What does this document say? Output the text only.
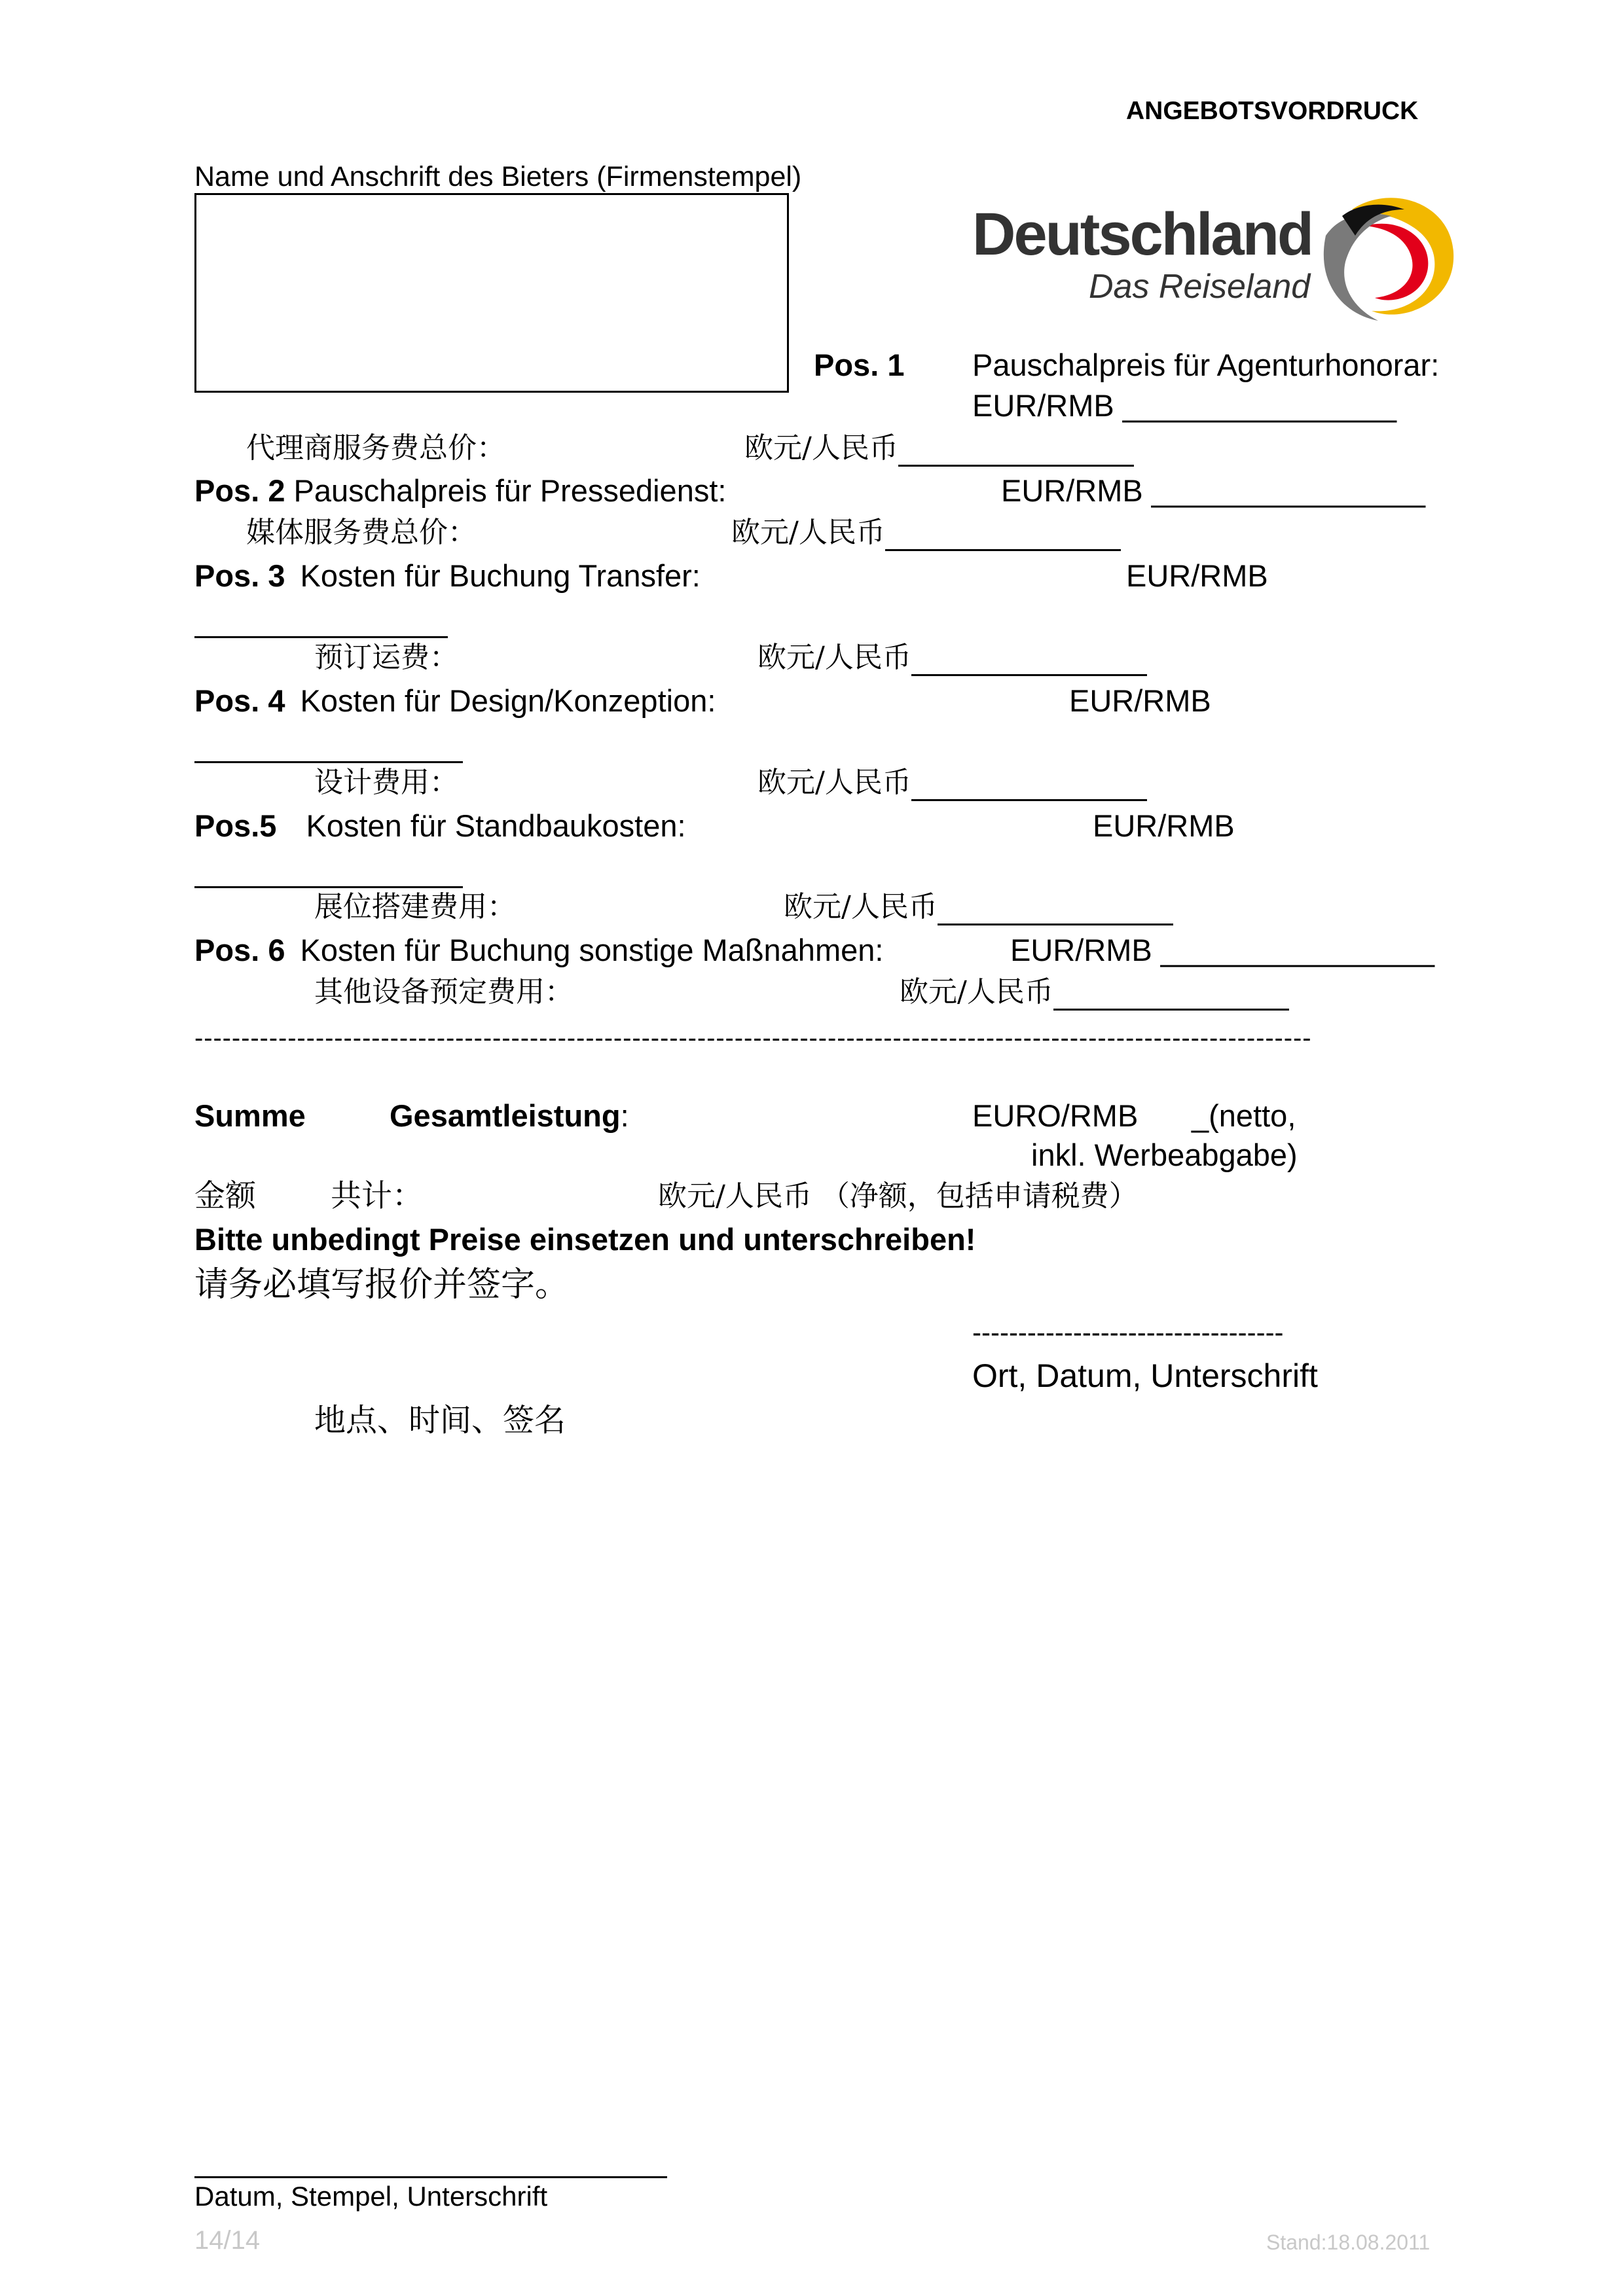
ANGEBOTSVORDRUCK
Name und Anschrift des Bieters (Firmenstempel)
Deutschland
Das Reiseland
Pos. 1 Pauschalpreis für Agenturhonorar:
EUR/RMB ________________
代理商服务费总价：	欧元/人民币
Pos. 2 Pauschalpreis für Pressedienst:	EUR/RMB ________________
媒体服务费总价：	欧元/人民币
Pos. 3 Kosten für Buchung Transfer:	EUR/RMB
预订运费：	欧元/人民币
Pos. 4 Kosten für Design/Konzeption:	EUR/RMB
设计费用：	欧元/人民币
Pos.5 Kosten für Standbaukosten:	EUR/RMB
展位搭建费用：	欧元/人民币
Pos. 6 Kosten für Buchung sonstige Maßnahmen:	EUR/RMB ________________
其他设备预定费用：	欧元/人民币
------------------------------------------------------------------------------------------------------------------------
Summe	Gesamtleistung:	EURO/RMB _(netto,
inkl. Werbeabgabe)
金额 共计：	欧元/人民币 （净额，包括申请税费）
Bitte unbedingt Preise einsetzen und unterschreiben!
请务必填写报价并签字。
----------------------------------
Ort, Datum, Unterschrift
地点、时间、签名
Datum, Stempel, Unterschrift
14/14	Stand:18.08.2011
